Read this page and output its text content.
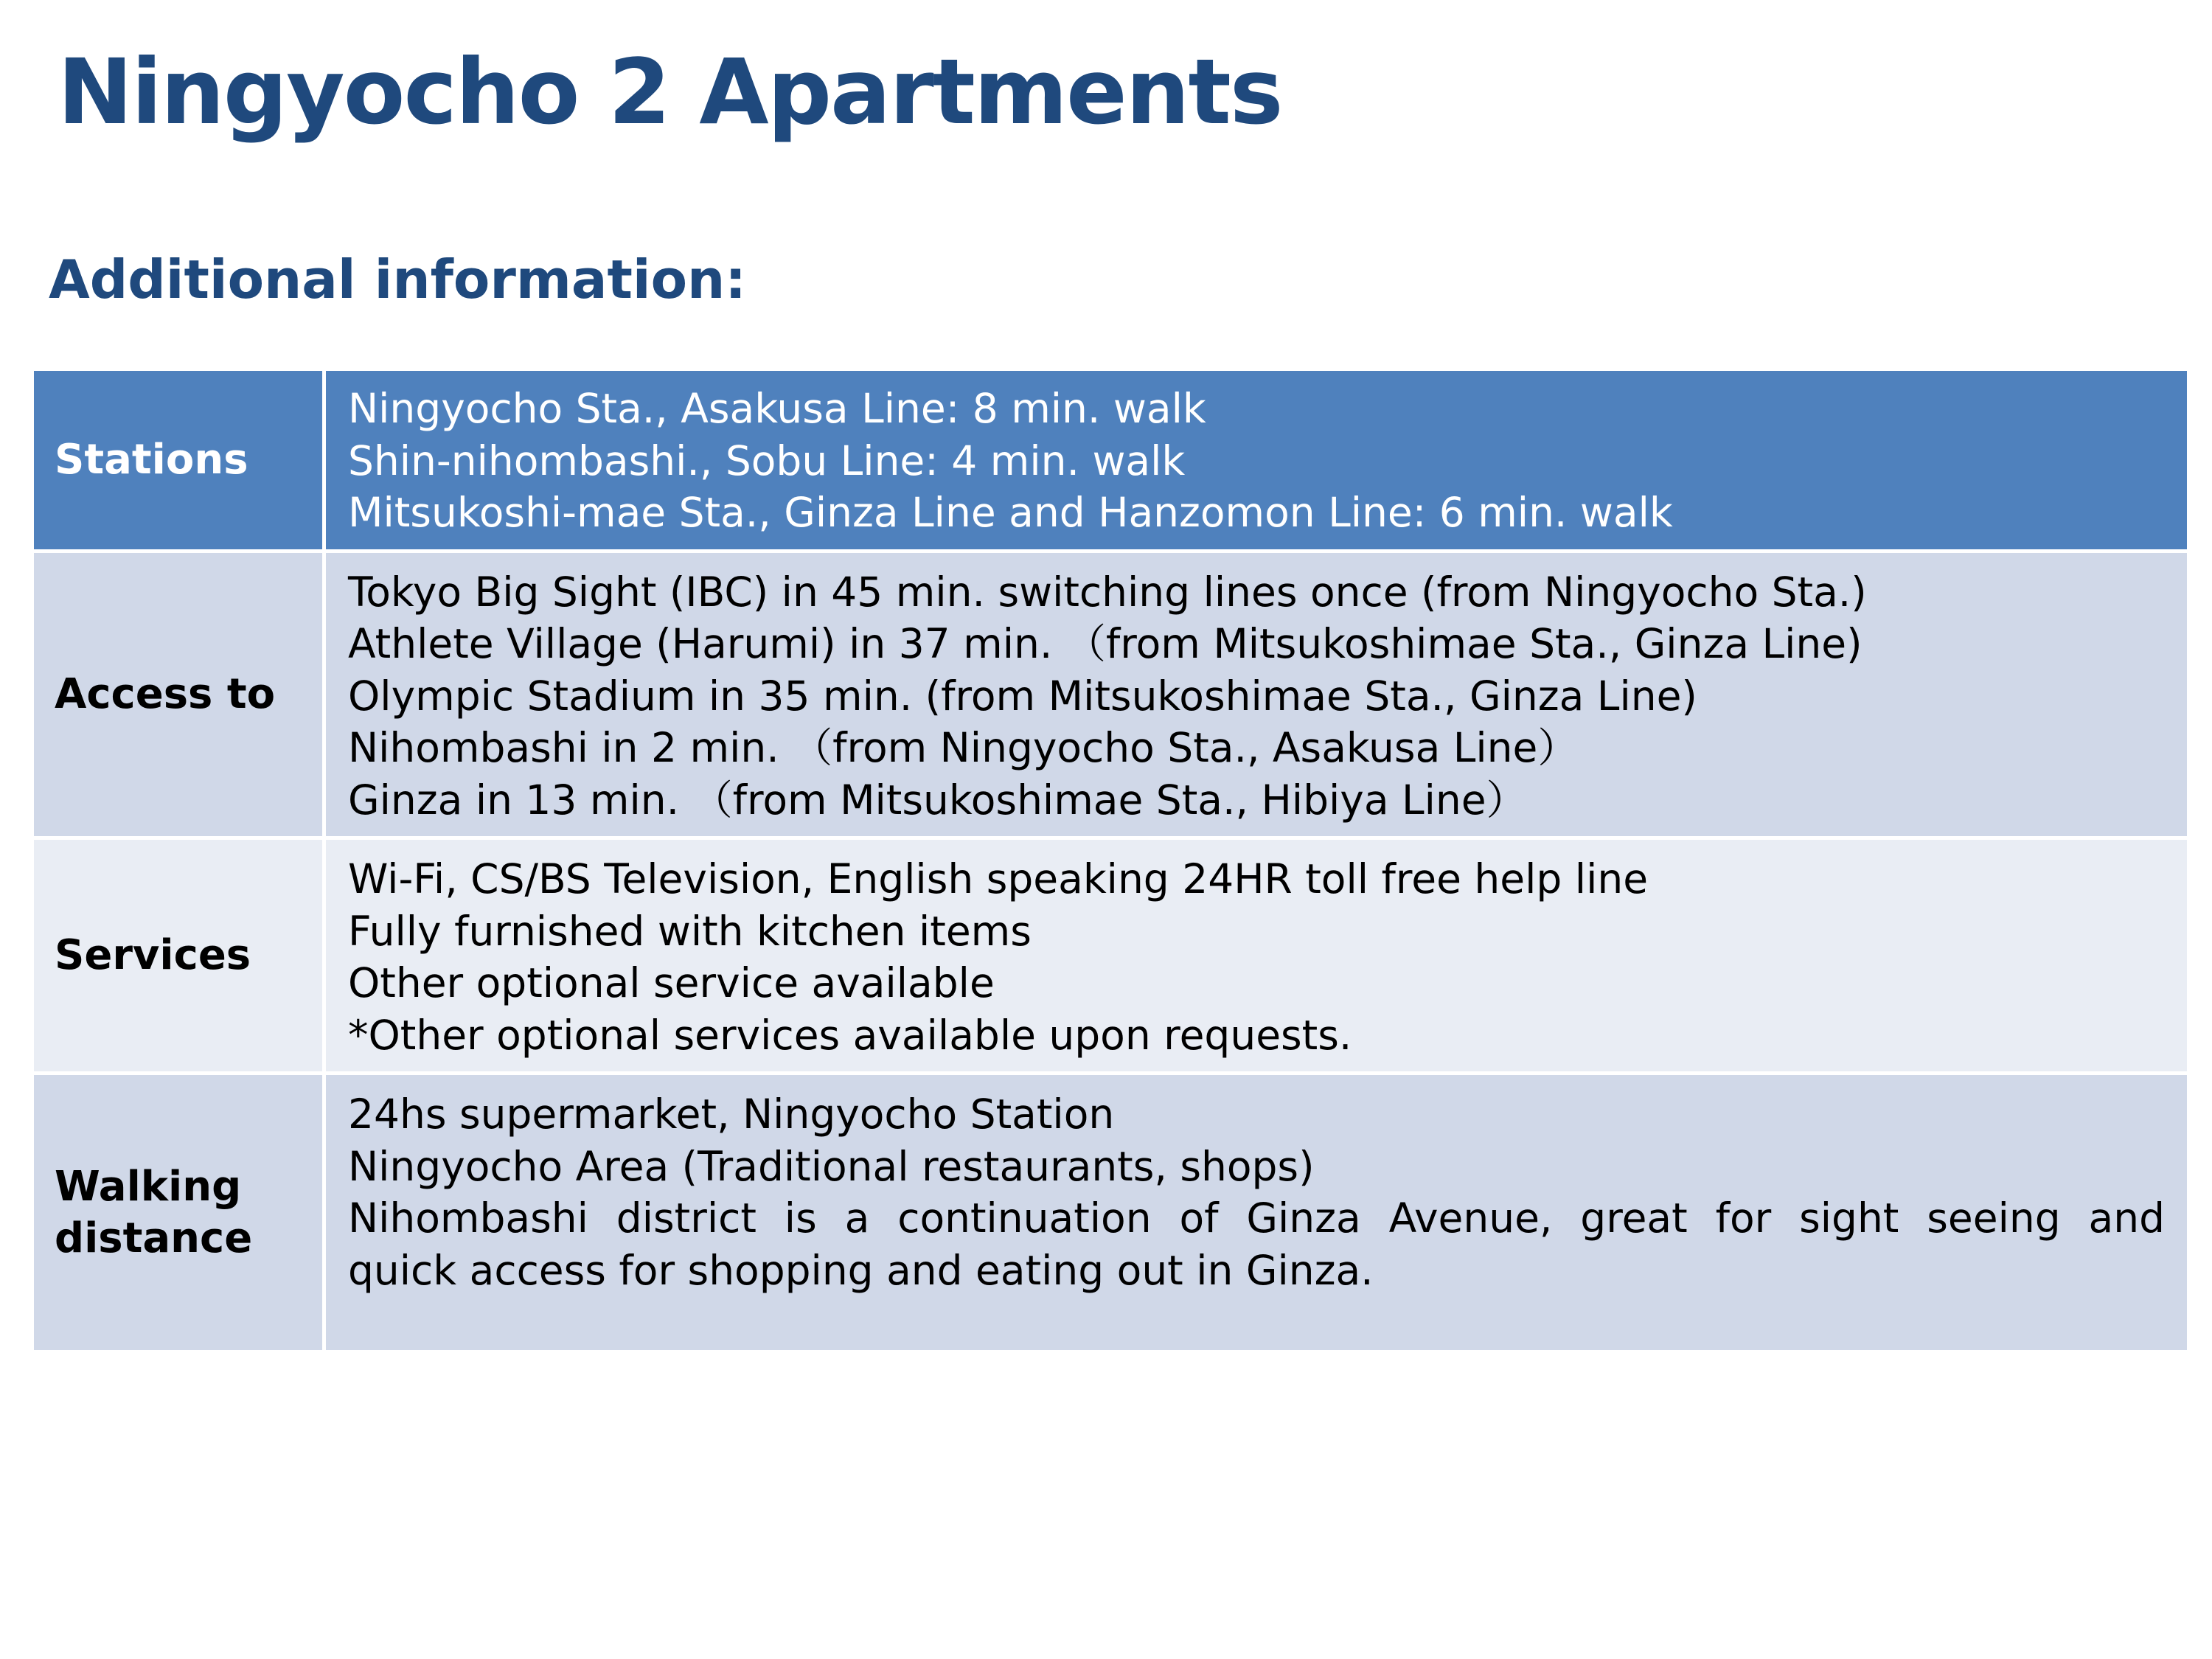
Ningyocho 2 Apartments
Additional information:
Stations	Ningyocho Sta., Asakusa Line: 8 min. walk
Shin-nihombashi., Sobu Line: 4 min. walk
Mitsukoshi-mae Sta., Ginza Line and Hanzomon Line: 6 min. walk

Access to	Tokyo Big Sight (IBC) in 45 min. switching lines once (from Ningyocho Sta.)
Athlete Village (Harumi) in 37 min. （from Mitsukoshimae Sta., Ginza Line)
Olympic Stadium in 35 min. (from Mitsukoshimae Sta., Ginza Line)
Nihombashi in 2 min. （from Ningyocho Sta., Asakusa Line）
Ginza in 13 min. （from Mitsukoshimae Sta., Hibiya Line）

Services	Wi-Fi, CS/BS Television, English speaking 24HR toll free help line
Fully furnished with kitchen items
Other optional service available
*Other optional services available upon requests.

Walking
distance	24hs supermarket, Ningyocho Station
Ningyocho Area (Traditional restaurants, shops)
Nihombashi district is a continuation of Ginza Avenue, great for sight seeing and
quick access for shopping and eating out in Ginza.
